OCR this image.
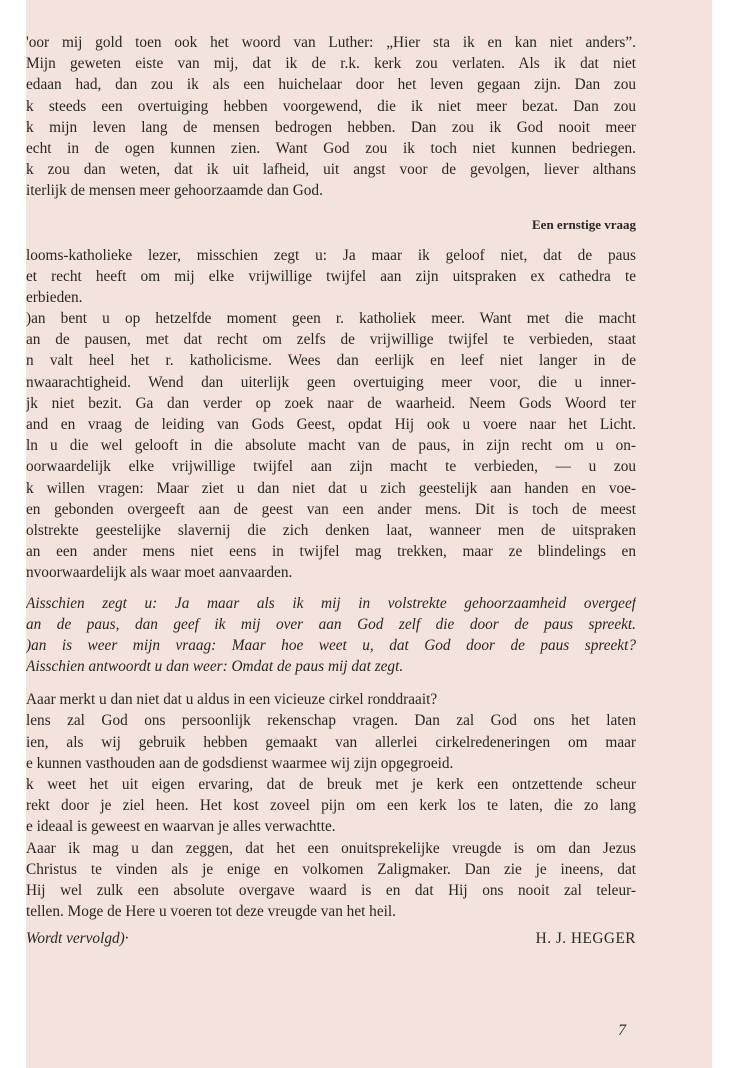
'oor mij gold toen ook het woord van Luther: „Hier sta ik en kan niet anders”.
Mijn geweten eiste van mij, dat ik de r.k. kerk zou verlaten. Als ik dat niet
edaan had, dan zou ik als een huichelaar door het leven gegaan zijn. Dan zou
k steeds een overtuiging hebben voorgewend, die ik niet meer bezat. Dan zou
k mijn leven lang de mensen bedrogen hebben. Dan zou ik God nooit meer
echt in de ogen kunnen zien. Want God zou ik toch niet kunnen bedriegen.
k zou dan weten, dat ik uit lafheid, uit angst voor de gevolgen, liever althans
iterlijk de mensen meer gehoorzaamde dan God.
Een ernstige vraag
looms-katholieke lezer, misschien zegt u: Ja maar ik geloof niet, dat de paus
et recht heeft om mij elke vrijwillige twijfel aan zijn uitspraken ex cathedra te
erbieden.
)an bent u op hetzelfde moment geen r. katholiek meer. Want met die macht
an de pausen, met dat recht om zelfs de vrijwillige twijfel te verbieden, staat
n valt heel het r. katholicisme. Wees dan eerlijk en leef niet langer in de
nwaarachtigheid. Wend dan uiterlijk geen overtuiging meer voor, die u inner-
jk niet bezit. Ga dan verder op zoek naar de waarheid. Neem Gods Woord ter
and en vraag de leiding van Gods Geest, opdat Hij ook u voere naar het Licht.
ln u die wel gelooft in die absolute macht van de paus, in zijn recht om u on-
oorwaardelijk elke vrijwillige twijfel aan zijn macht te verbieden, — u zou
k willen vragen: Maar ziet u dan niet dat u zich geestelijk aan handen en voe-
en gebonden overgeeft aan de geest van een ander mens. Dit is toch de meest
olstrekte geestelijke slavernij die zich denken laat, wanneer men de uitspraken
an een ander mens niet eens in twijfel mag trekken, maar ze blindelings en
nvoorwaardelijk als waar moet aanvaarden.
Aisschien zegt u: Ja maar als ik mij in volstrekte gehoorzaamheid overgeef
an de paus, dan geef ik mij over aan God zelf die door de paus spreekt.
)an is weer mijn vraag: Maar hoe weet u, dat God door de paus spreekt?
Aisschien antwoordt u dan weer: Omdat de paus mij dat zegt.
Aaar merkt u dan niet dat u aldus in een vicieuze cirkel ronddraait?
lens zal God ons persoonlijk rekenschap vragen. Dan zal God ons het laten
ien, als wij gebruik hebben gemaakt van allerlei cirkelredeneringen om maar
e kunnen vasthouden aan de godsdienst waarmee wij zijn opgegroeid.
k weet het uit eigen ervaring, dat de breuk met je kerk een ontzettende scheur
rekt door je ziel heen. Het kost zoveel pijn om een kerk los te laten, die zo lang
e ideaal is geweest en waarvan je alles verwachtte.
Aaar ik mag u dan zeggen, dat het een onuitsprekelijke vreugde is om dan Jezus
Christus te vinden als je enige en volkomen Zaligmaker. Dan zie je ineens, dat
Hij wel zulk een absolute overgave waard is en dat Hij ons nooit zal teleur-
tellen. Moge de Here u voeren tot deze vreugde van het heil.
Wordt vervolgd)·	H. J. HEGGER
7
